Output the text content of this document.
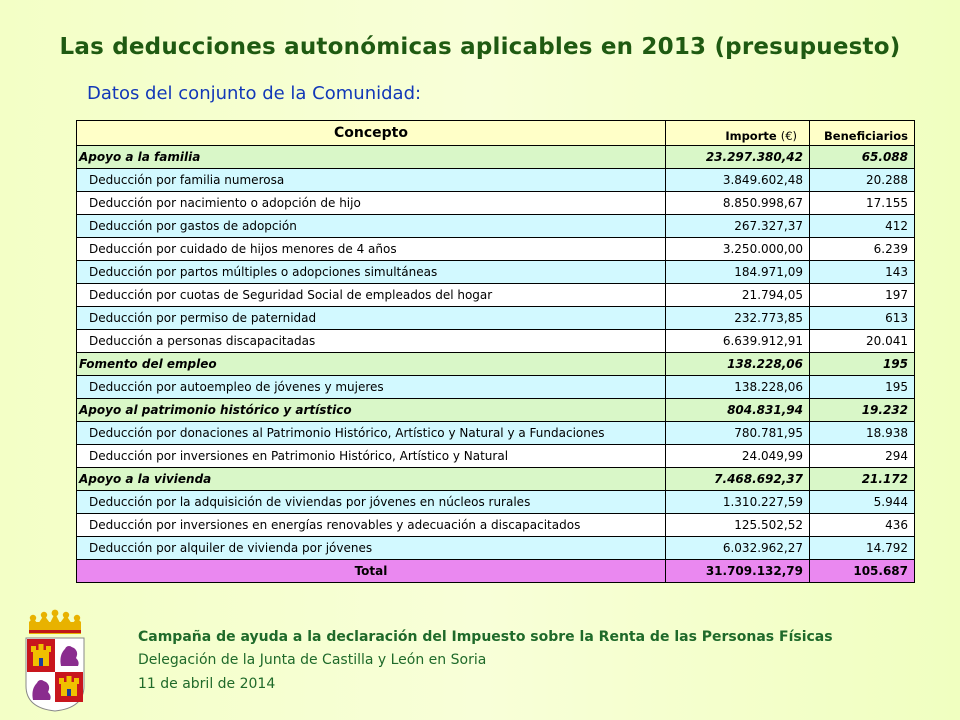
Las deducciones autonómicas aplicables en 2013 (presupuesto)
Datos del conjunto de la Comunidad:
Concepto	Importe (€)	Beneficiarios
Apoyo a la familia	23.297.380,42	65.088
Deducción por familia numerosa	3.849.602,48	20.288
Deducción por nacimiento o adopción de hijo	8.850.998,67	17.155
Deducción por gastos de adopción	267.327,37	412
Deducción por cuidado de hijos menores de 4 años	3.250.000,00	6.239
Deducción por partos múltiples o adopciones simultáneas	184.971,09	143
Deducción por cuotas de Seguridad Social de empleados del hogar	21.794,05	197
Deducción por permiso de paternidad	232.773,85	613
Deducción a personas discapacitadas	6.639.912,91	20.041
Fomento del empleo	138.228,06	195
Deducción por autoempleo de jóvenes y mujeres	138.228,06	195
Apoyo al patrimonio histórico y artístico	804.831,94	19.232
Deducción por donaciones al Patrimonio Histórico, Artístico y Natural y a Fundaciones	780.781,95	18.938
Deducción por inversiones en Patrimonio Histórico, Artístico y Natural	24.049,99	294
Apoyo a la vivienda	7.468.692,37	21.172
Deducción por la adquisición de viviendas por jóvenes en núcleos rurales	1.310.227,59	5.944
Deducción por inversiones en energías renovables y adecuación a discapacitados	125.502,52	436
Deducción por alquiler de vivienda por jóvenes	6.032.962,27	14.792
Total	31.709.132,79	105.687
Campaña de ayuda a la declaración del Impuesto sobre la Renta de las Personas Físicas
Delegación de la Junta de Castilla y León en Soria
11 de abril de 2014
